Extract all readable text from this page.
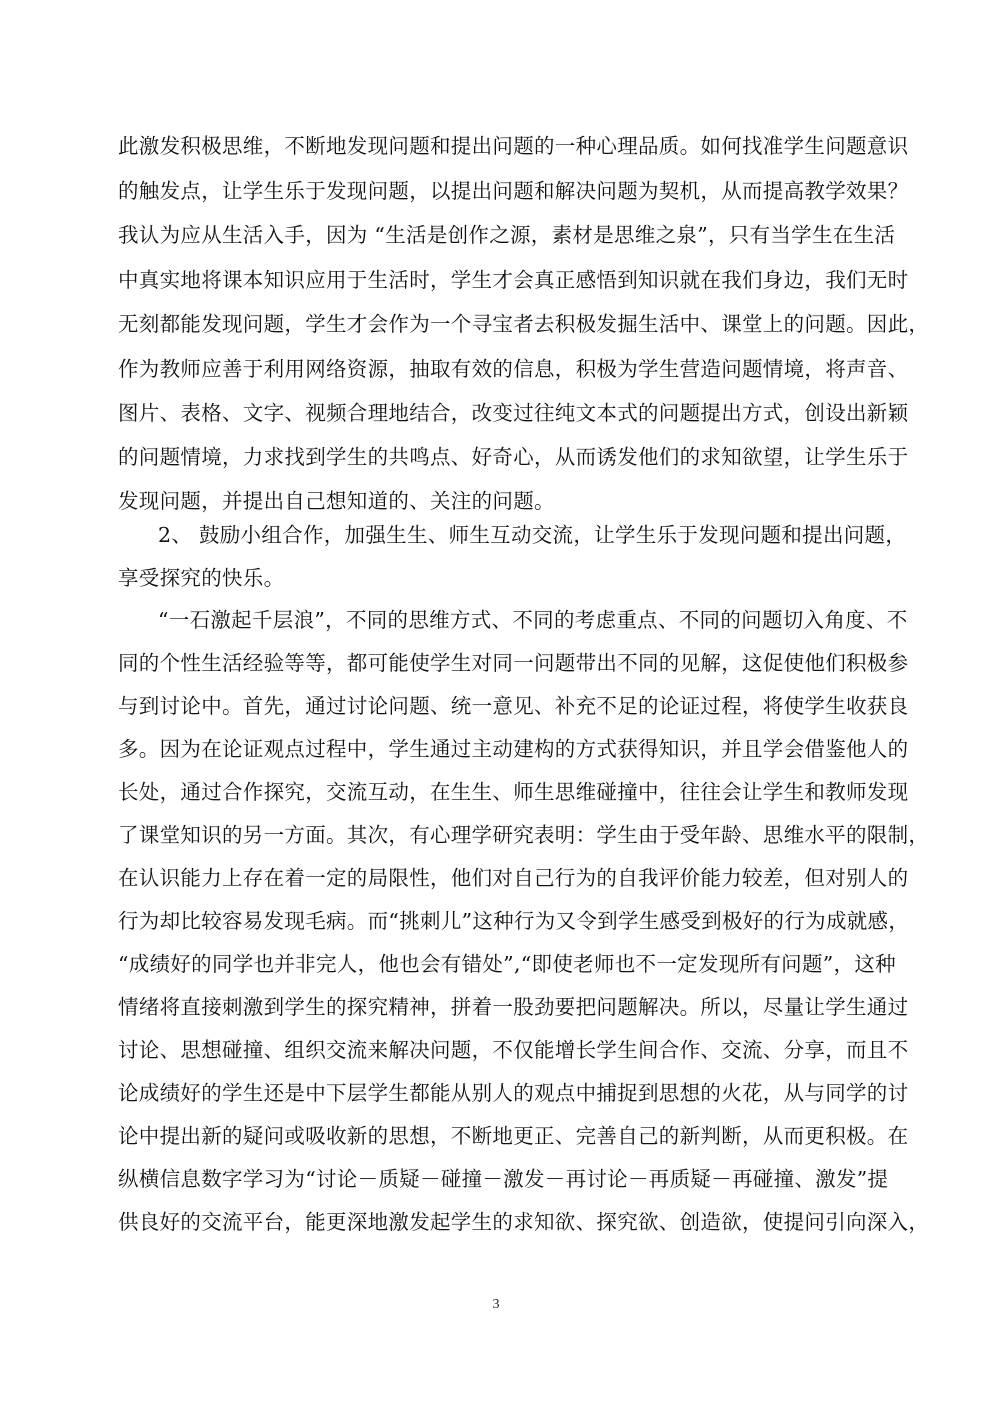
此激发积极思维，不断地发现问题和提出问题的一种心理品质。如何找准学生问题意识
的触发点，让学生乐于发现问题，以提出问题和解决问题为契机，从而提高教学效果？
我认为应从生活入手，因为 “生活是创作之源，素材是思维之泉”，只有当学生在生活
中真实地将课本知识应用于生活时，学生才会真正感悟到知识就在我们身边，我们无时
无刻都能发现问题，学生才会作为一个寻宝者去积极发掘生活中、课堂上的问题。因此，
作为教师应善于利用网络资源，抽取有效的信息，积极为学生营造问题情境，将声音、
图片、表格、文字、视频合理地结合，改变过往纯文本式的问题提出方式，创设出新颖
的问题情境，力求找到学生的共鸣点、好奇心，从而诱发他们的求知欲望，让学生乐于
发现问题，并提出自己想知道的、关注的问题。
2、 鼓励小组合作，加强生生、师生互动交流，让学生乐于发现问题和提出问题，
享受探究的快乐。
“一石激起千层浪”，不同的思维方式、不同的考虑重点、不同的问题切入角度、不
同的个性生活经验等等，都可能使学生对同一问题带出不同的见解，这促使他们积极参
与到讨论中。首先，通过讨论问题、统一意见、补充不足的论证过程，将使学生收获良
多。因为在论证观点过程中，学生通过主动建构的方式获得知识，并且学会借鉴他人的
长处，通过合作探究，交流互动，在生生、师生思维碰撞中，往往会让学生和教师发现
了课堂知识的另一方面。其次，有心理学研究表明：学生由于受年龄、思维水平的限制，
在认识能力上存在着一定的局限性，他们对自己行为的自我评价能力较差，但对别人的
行为却比较容易发现毛病。而“挑刺儿”这种行为又令到学生感受到极好的行为成就感，
“成绩好的同学也并非完人，他也会有错处”,“即使老师也不一定发现所有问题”，这种
情绪将直接刺激到学生的探究精神，拼着一股劲要把问题解决。所以，尽量让学生通过
讨论、思想碰撞、组织交流来解决问题，不仅能增长学生间合作、交流、分享，而且不
论成绩好的学生还是中下层学生都能从别人的观点中捕捉到思想的火花，从与同学的讨
论中提出新的疑问或吸收新的思想，不断地更正、完善自己的新判断，从而更积极。在
纵横信息数字学习为“讨论－质疑－碰撞－激发－再讨论－再质疑－再碰撞、激发”提
供良好的交流平台，能更深地激发起学生的求知欲、探究欲、创造欲，使提问引向深入，
3
